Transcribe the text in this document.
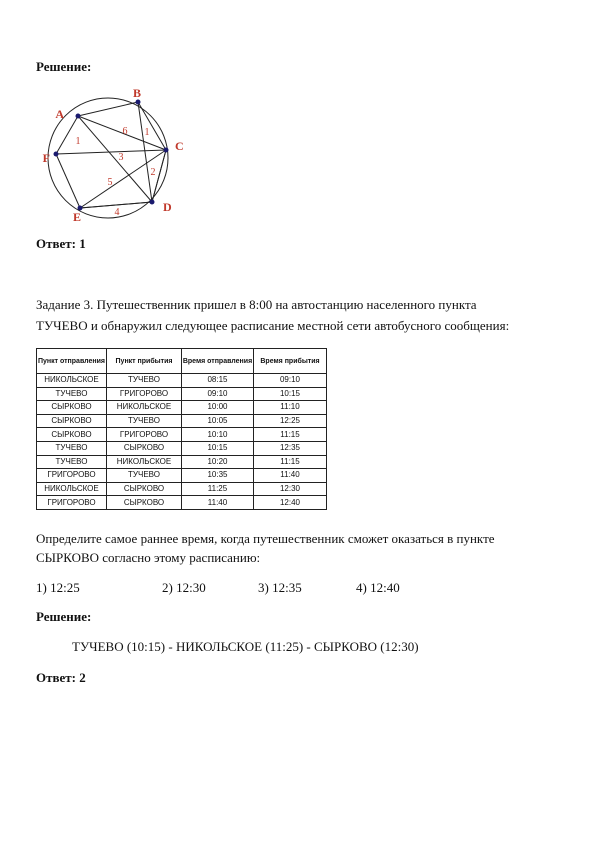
Решение:
6 1
3
1
5
4
2
A
B
C
D
E
F
Ответ: 1
Задание 3. Путешественник пришел в 8:00 на автостанцию населенного пункта
ТУЧЕВО и обнаружил следующее расписание местной сети автобусного сообщения:
Пункт отправления	Пункт прибытия	Время отправления	Время прибытия
НИКОЛЬСКОЕ	ТУЧЕВО	08:15	09:10
ТУЧЕВО	ГРИГОРОВО	09:10	10:15
СЫРКОВО	НИКОЛЬСКОЕ	10:00	11:10
СЫРКОВО	ТУЧЕВО	10:05	12:25
СЫРКОВО	ГРИГОРОВО	10:10	11:15
ТУЧЕВО	СЫРКОВО	10:15	12:35
ТУЧЕВО	НИКОЛЬСКОЕ	10:20	11:15
ГРИГОРОВО	ТУЧЕВО	10:35	11:40
НИКОЛЬСКОЕ	СЫРКОВО	11:25	12:30
ГРИГОРОВО	СЫРКОВО	11:40	12:40
Определите самое раннее время, когда путешественник сможет оказаться в пункте
СЫРКОВО согласно этому расписанию:
1) 12:25	2) 12:30	3) 12:35	4) 12:40
Решение:
ТУЧЕВО (10:15) - НИКОЛЬСКОЕ (11:25) - СЫРКОВО (12:30)
Ответ: 2
